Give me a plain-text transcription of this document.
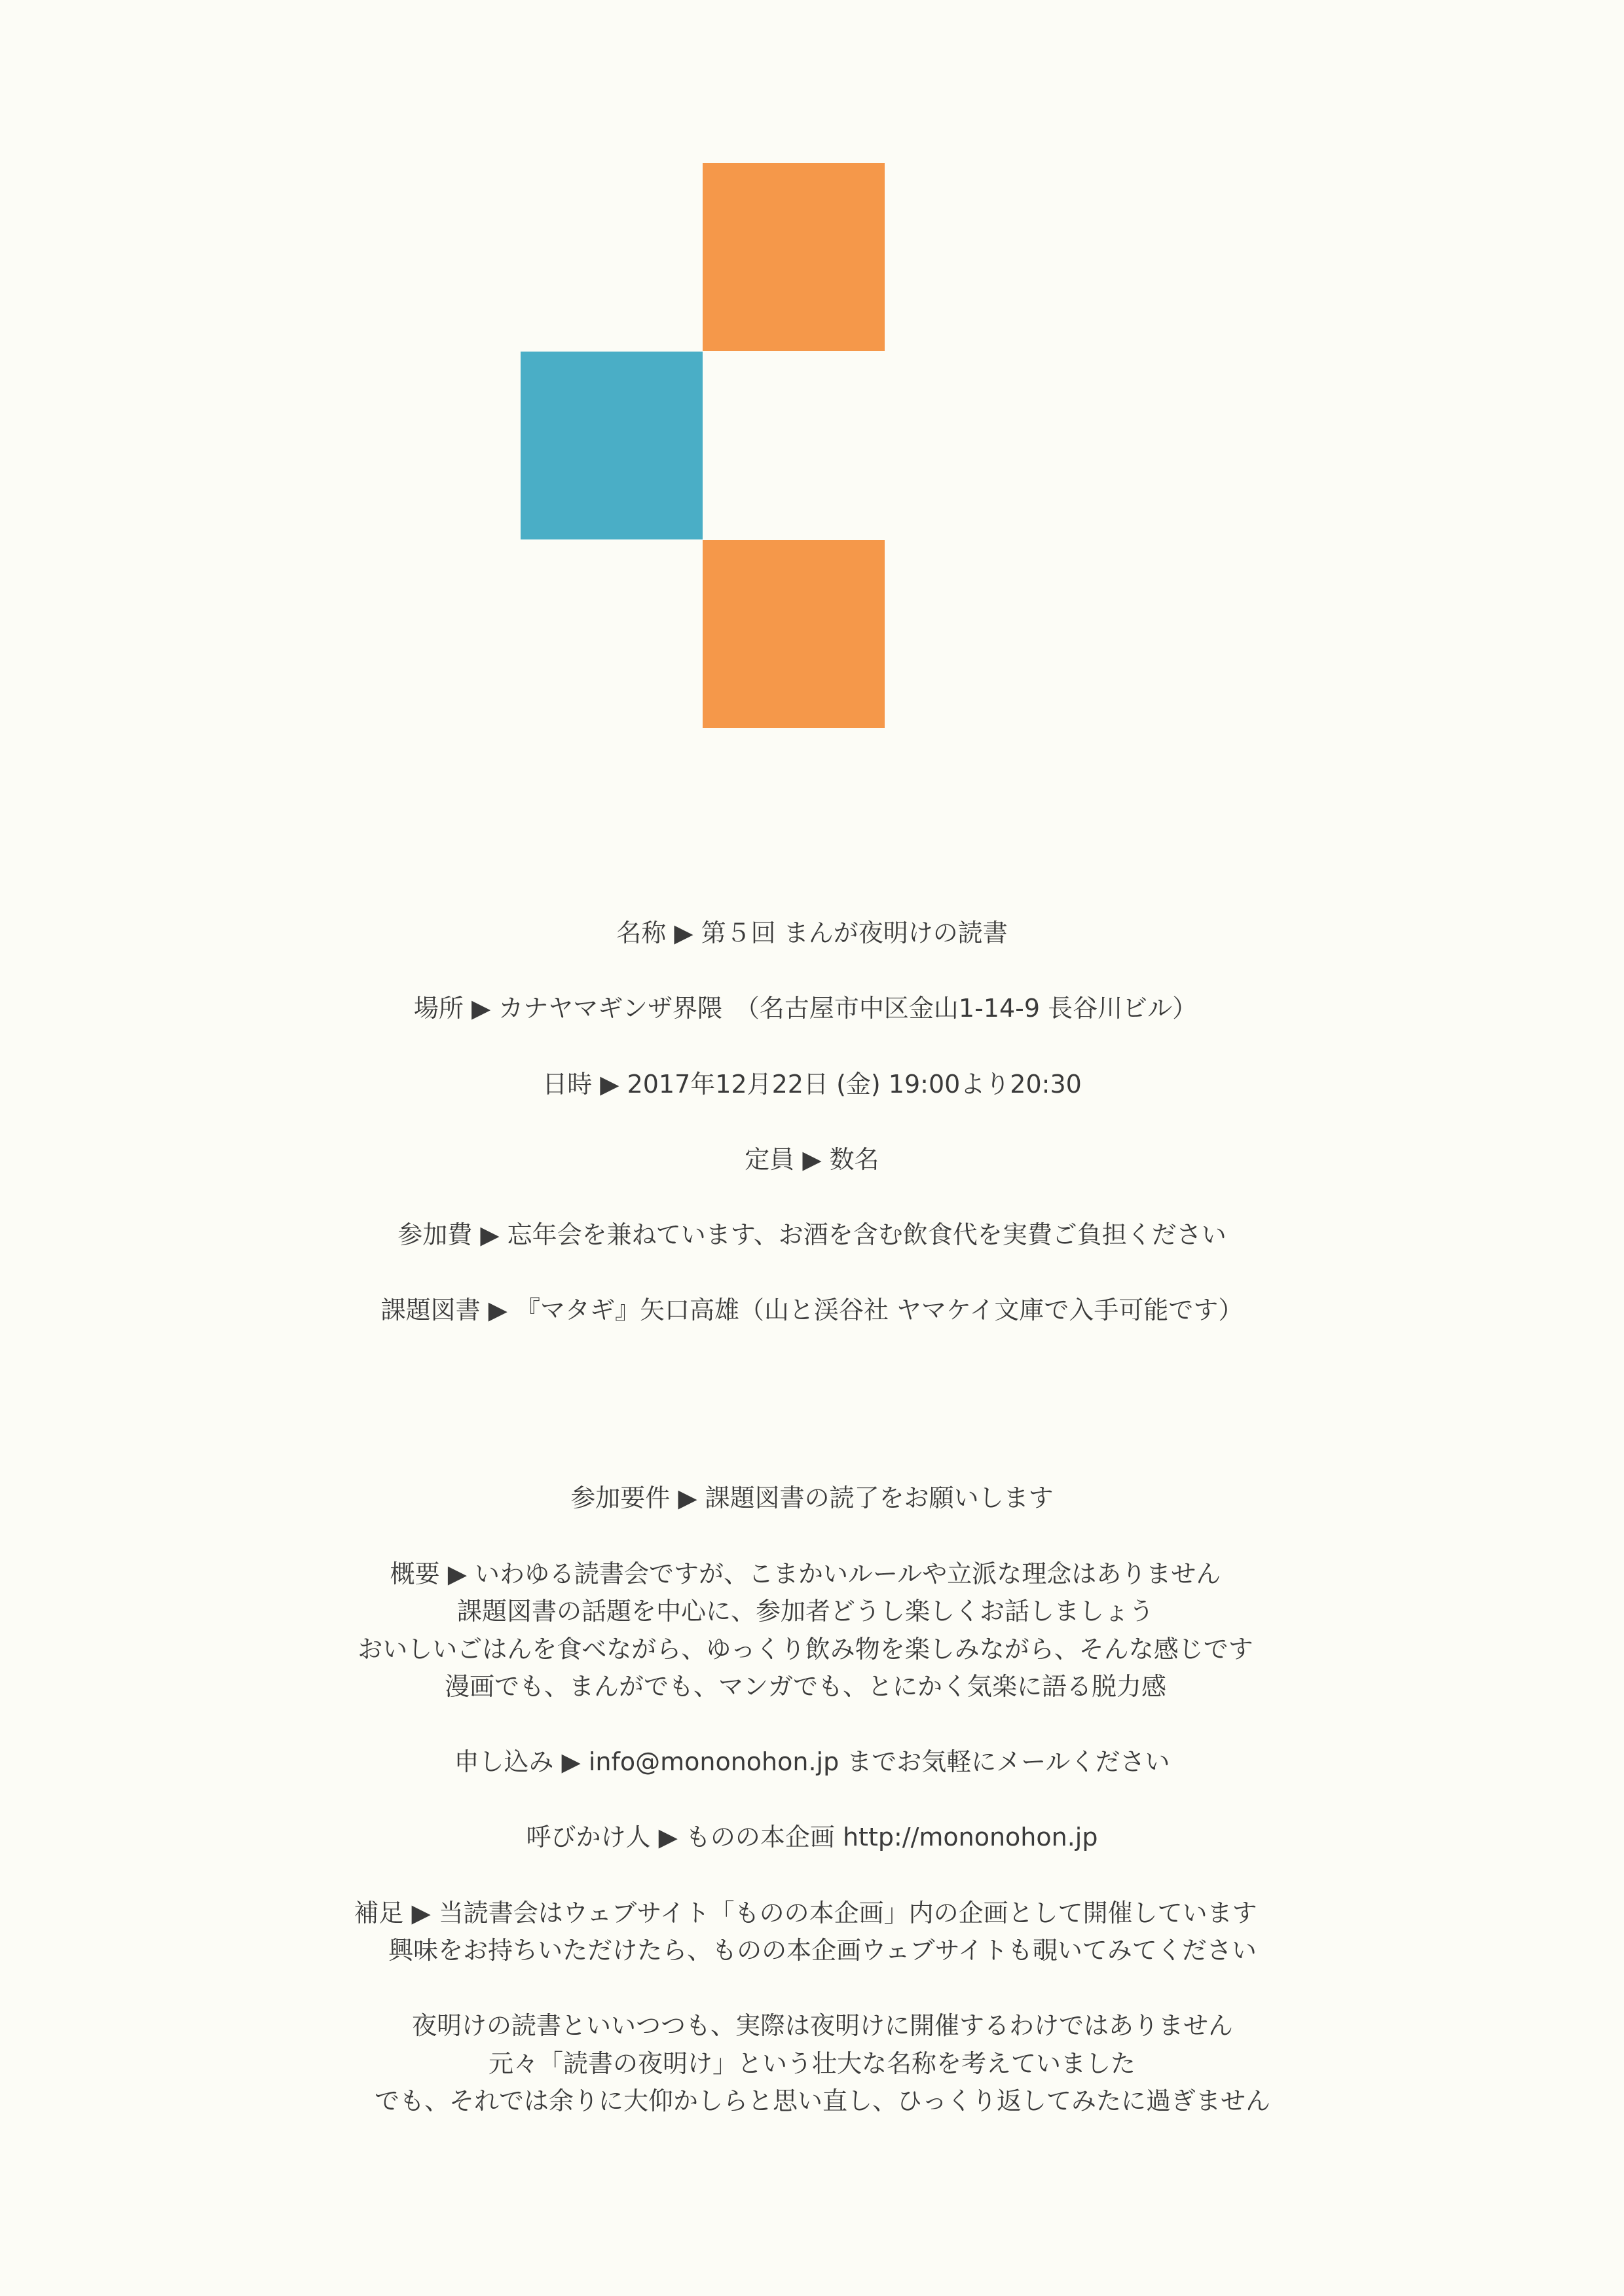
名称 ▶ 第５回 まんが夜明けの読書
場所 ▶ カナヤマギンザ界隈　（名古屋市中区金山1-14-9 長谷川ビル）
日時 ▶ 2017年12月22日 (金) 19:00より20:30
定員 ▶ 数名
参加費 ▶ 忘年会を兼ねています、お酒を含む飲食代を実費ご負担ください
課題図書 ▶ 『マタギ』矢口高雄（山と渓谷社 ヤマケイ文庫で入手可能です）
参加要件 ▶ 課題図書の読了をお願いします
概要 ▶ いわゆる読書会ですが、こまかいルールや立派な理念はありません
課題図書の話題を中心に、参加者どうし楽しくお話しましょう
おいしいごはんを食べながら、ゆっくり飲み物を楽しみながら、そんな感じです
漫画でも、まんがでも、マンガでも、とにかく気楽に語る脱力感
申し込み ▶ info@mononohon.jp までお気軽にメールください
呼びかけ人 ▶ ものの本企画 http://mononohon.jp
補足 ▶ 当読書会はウェブサイト「ものの本企画」内の企画として開催しています
興味をお持ちいただけたら、ものの本企画ウェブサイトも覗いてみてください
夜明けの読書といいつつも、実際は夜明けに開催するわけではありません
元々「読書の夜明け」という壮大な名称を考えていました
でも、それでは余りに大仰かしらと思い直し、ひっくり返してみたに過ぎません
